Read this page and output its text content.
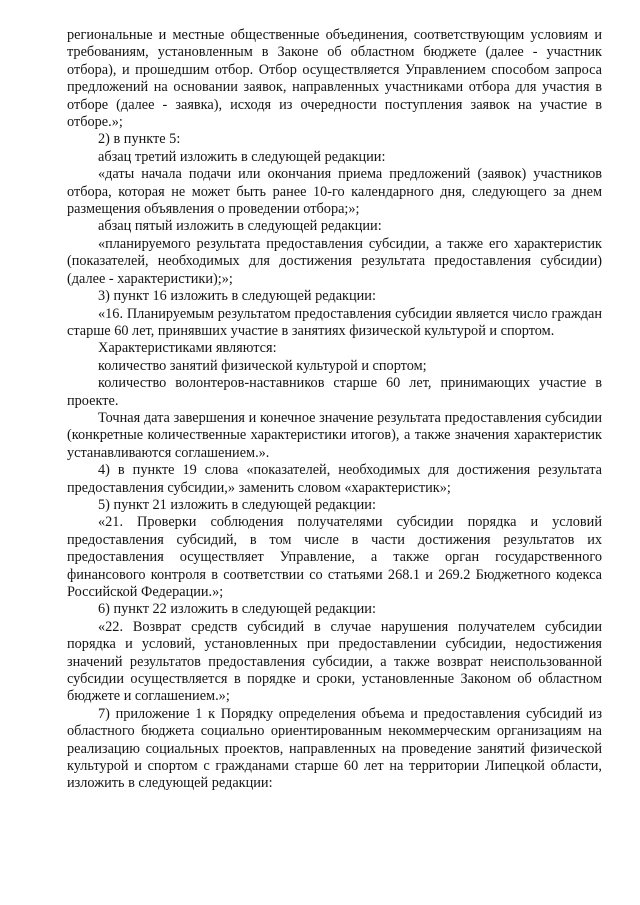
региональные и местные общественные объединения, соответствующим условиям и требованиям, установленным в Законе об областном бюджете (далее - участник отбора), и прошедшим отбор. Отбор осуществляется Управлением способом запроса предложений на основании заявок, направленных участниками отбора для участия в отборе (далее - заявка), исходя из очередности поступления заявок на участие в отборе.»;

2) в пункте 5:

абзац третий изложить в следующей редакции:

«даты начала подачи или окончания приема предложений (заявок) участников отбора, которая не может быть ранее 10-го календарного дня, следующего за днем размещения объявления о проведении отбора;»;

абзац пятый изложить в следующей редакции:

«планируемого результата предоставления субсидии, а также его характеристик (показателей, необходимых для достижения результата предоставления субсидии) (далее - характеристики);»;

3) пункт 16 изложить в следующей редакции:

«16. Планируемым результатом предоставления субсидии является число граждан старше 60 лет, принявших участие в занятиях физической культурой и спортом.

Характеристиками являются:

количество занятий физической культурой и спортом;

количество волонтеров-наставников старше 60 лет, принимающих участие в проекте.

Точная дата завершения и конечное значение результата предоставления субсидии (конкретные количественные характеристики итогов), а также значения характеристик устанавливаются соглашением.».

4) в пункте 19 слова «показателей, необходимых для достижения результата предоставления субсидии,» заменить словом «характеристик»;

5) пункт 21 изложить в следующей редакции:

«21. Проверки соблюдения получателями субсидии порядка и условий предоставления субсидий, в том числе в части достижения результатов их предоставления осуществляет Управление, а также орган государственного финансового контроля в соответствии со статьями 268.1 и 269.2 Бюджетного кодекса Российской Федерации.»;

6) пункт 22 изложить в следующей редакции:

«22. Возврат средств субсидий в случае нарушения получателем субсидии порядка и условий, установленных при предоставлении субсидии, недостижения значений результатов предоставления субсидии, а также возврат неиспользованной субсидии осуществляется в порядке и сроки, установленные Законом об областном бюджете и соглашением.»;

7) приложение 1 к Порядку определения объема и предоставления субсидий из областного бюджета социально ориентированным некоммерческим организациям на реализацию социальных проектов, направленных на проведение занятий физической культурой и спортом с гражданами старше 60 лет на территории Липецкой области, изложить в следующей редакции:
